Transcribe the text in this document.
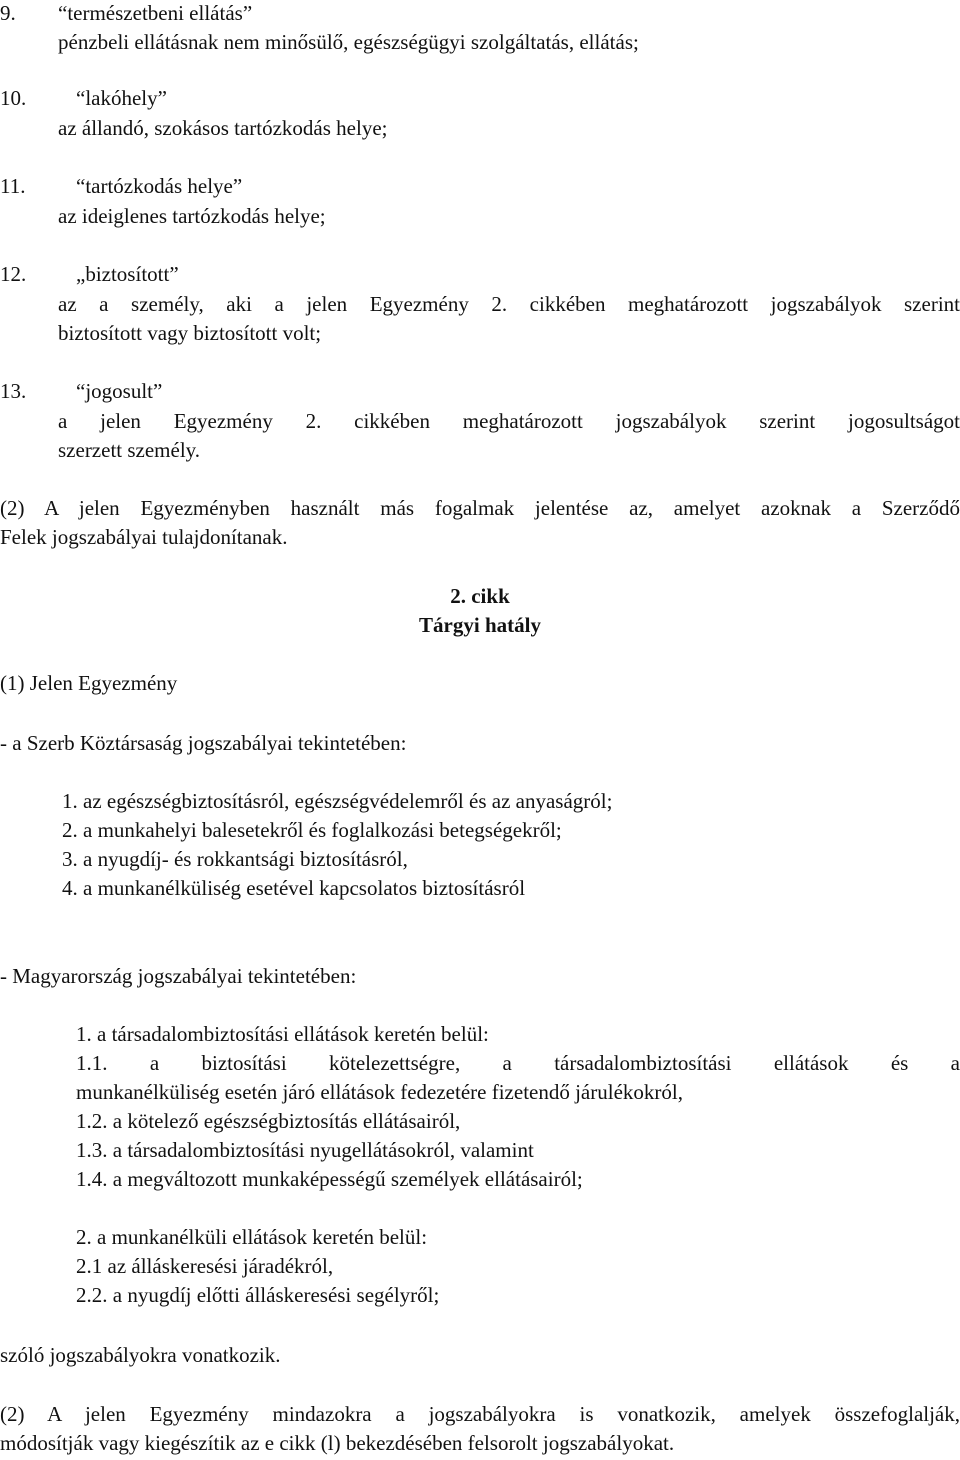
9. “természetbeni ellátás”
pénzbeli ellátásnak nem minősülő, egészségügyi szolgáltatás, ellátás;
10. “lakóhely”
az állandó, szokásos tartózkodás helye;
11. “tartózkodás helye”
az ideiglenes tartózkodás helye;
12. „biztosított”
az a személy, aki a jelen Egyezmény 2. cikkében meghatározott jogszabályok szerint
biztosított vagy biztosított volt;
13. “jogosult”
a jelen Egyezmény 2. cikkében meghatározott jogszabályok szerint jogosultságot
szerzett személy.
(2) A jelen Egyezményben használt más fogalmak jelentése az, amelyet azoknak a Szerződő
Felek jogszabályai tulajdonítanak.
2. cikk
Tárgyi hatály
(1) Jelen Egyezmény
- a Szerb Köztársaság jogszabályai tekintetében:
1. az egészségbiztosításról, egészségvédelemről és az anyaságról;
2. a munkahelyi balesetekről és foglalkozási betegségekről;
3. a nyugdíj- és rokkantsági biztosításról,
4. a munkanélküliség esetével kapcsolatos biztosításról
- Magyarország jogszabályai tekintetében:
1. a társadalombiztosítási ellátások keretén belül:
1.1. a biztosítási kötelezettségre, a társadalombiztosítási ellátások és a
munkanélküliség esetén járó ellátások fedezetére fizetendő járulékokról,
1.2. a kötelező egészségbiztosítás ellátásairól,
1.3. a társadalombiztosítási nyugellátásokról, valamint
1.4. a megváltozott munkaképességű személyek ellátásairól;
2. a munkanélküli ellátások keretén belül:
2.1 az álláskeresési járadékról,
2.2. a nyugdíj előtti álláskeresési segélyről;
szóló jogszabályokra vonatkozik.
(2) A jelen Egyezmény mindazokra a jogszabályokra is vonatkozik, amelyek összefoglalják,
módosítják vagy kiegészítik az e cikk (l) bekezdésében felsorolt jogszabályokat.
